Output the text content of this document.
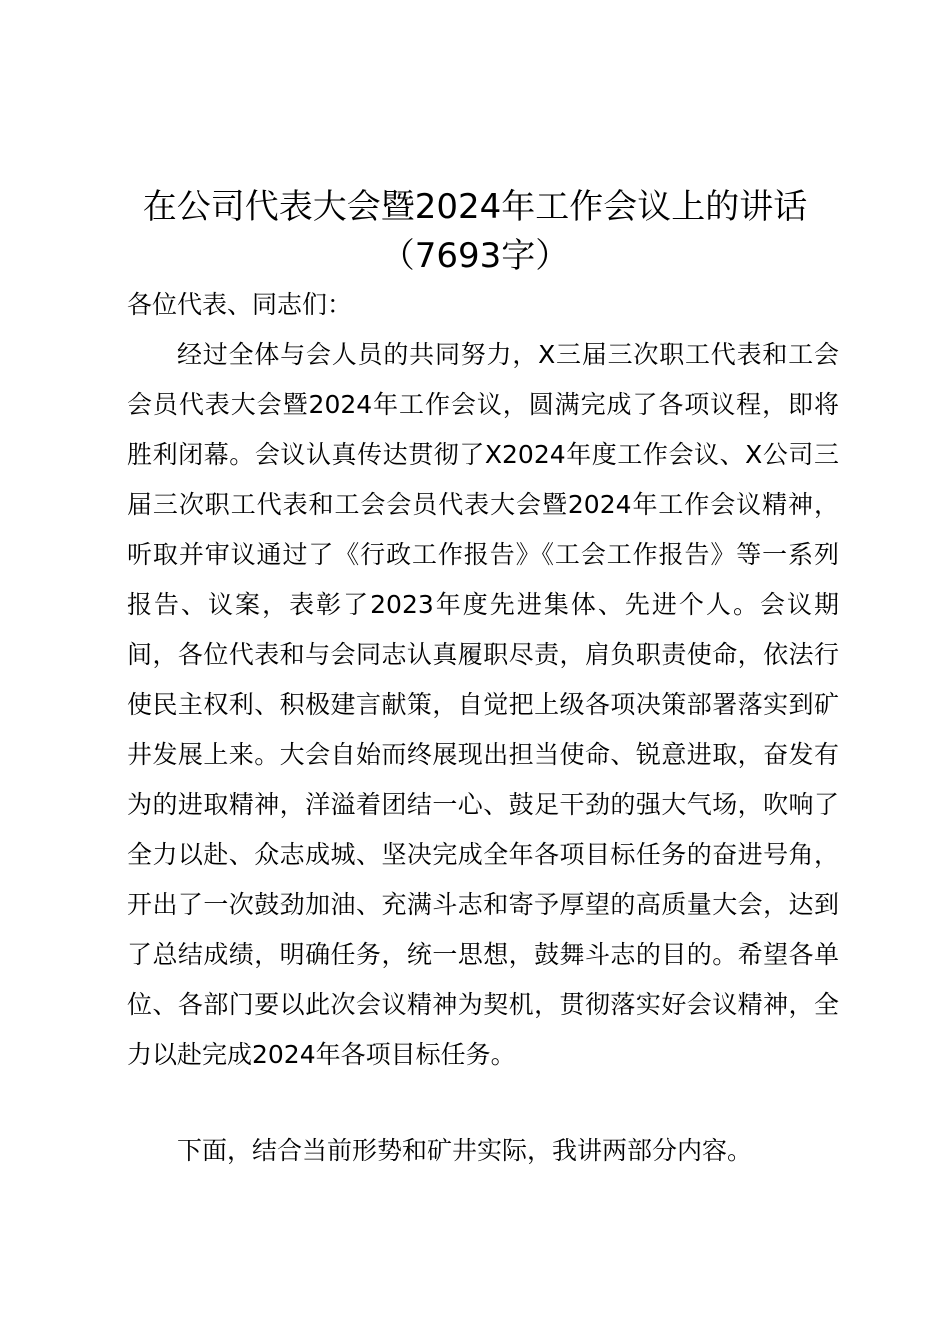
在公司代表大会暨2024年工作会议上的讲话
（7693字）
各位代表、同志们：
经过全体与会人员的共同努力，X三届三次职工代表和工会会员代表大会暨2024年工作会议，圆满完成了各项议程，即将胜利闭幕。会议认真传达贯彻了X2024年度工作会议、X公司三届三次职工代表和工会会员代表大会暨2024年工作会议精神，听取并审议通过了《行政工作报告》《工会工作报告》等一系列报告、议案，表彰了2023年度先进集体、先进个人。会议期间，各位代表和与会同志认真履职尽责，肩负职责使命，依法行使民主权利、积极建言献策，自觉把上级各项决策部署落实到矿井发展上来。大会自始而终展现出担当使命、锐意进取，奋发有为的进取精神，洋溢着团结一心、鼓足干劲的强大气场，吹响了全力以赴、众志成城、坚决完成全年各项目标任务的奋进号角，开出了一次鼓劲加油、充满斗志和寄予厚望的高质量大会，达到了总结成绩，明确任务，统一思想，鼓舞斗志的目的。希望各单位、各部门要以此次会议精神为契机，贯彻落实好会议精神，全力以赴完成2024年各项目标任务。
下面，结合当前形势和矿井实际，我讲两部分内容。
